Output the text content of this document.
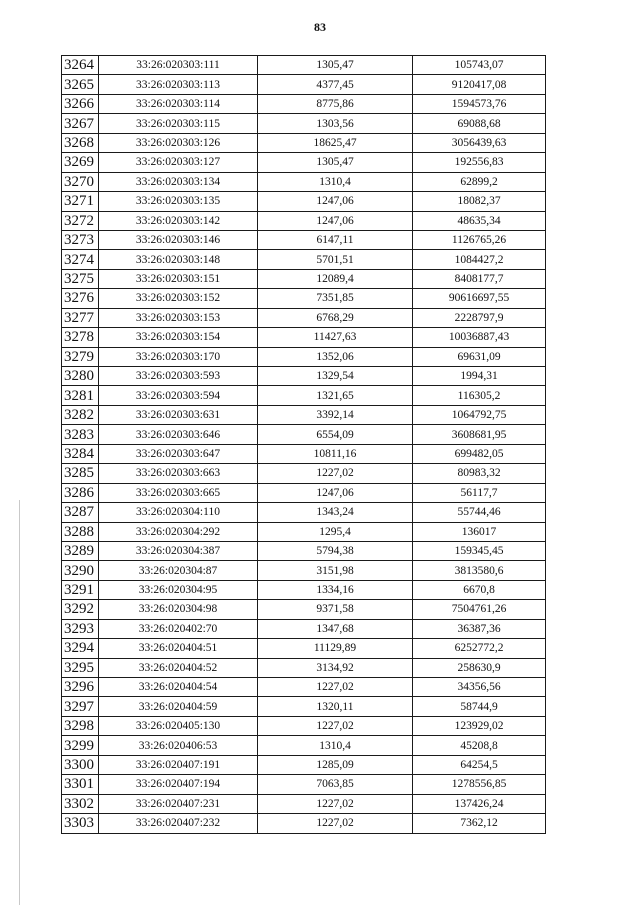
83
3264	33:26:020303:111	1305,47	105743,07
3265	33:26:020303:113	4377,45	9120417,08
3266	33:26:020303:114	8775,86	1594573,76
3267	33:26:020303:115	1303,56	69088,68
3268	33:26:020303:126	18625,47	3056439,63
3269	33:26:020303:127	1305,47	192556,83
3270	33:26:020303:134	1310,4	62899,2
3271	33:26:020303:135	1247,06	18082,37
3272	33:26:020303:142	1247,06	48635,34
3273	33:26:020303:146	6147,11	1126765,26
3274	33:26:020303:148	5701,51	1084427,2
3275	33:26:020303:151	12089,4	8408177,7
3276	33:26:020303:152	7351,85	90616697,55
3277	33:26:020303:153	6768,29	2228797,9
3278	33:26:020303:154	11427,63	10036887,43
3279	33:26:020303:170	1352,06	69631,09
3280	33:26:020303:593	1329,54	1994,31
3281	33:26:020303:594	1321,65	116305,2
3282	33:26:020303:631	3392,14	1064792,75
3283	33:26:020303:646	6554,09	3608681,95
3284	33:26:020303:647	10811,16	699482,05
3285	33:26:020303:663	1227,02	80983,32
3286	33:26:020303:665	1247,06	56117,7
3287	33:26:020304:110	1343,24	55744,46
3288	33:26:020304:292	1295,4	136017
3289	33:26:020304:387	5794,38	159345,45
3290	33:26:020304:87	3151,98	3813580,6
3291	33:26:020304:95	1334,16	6670,8
3292	33:26:020304:98	9371,58	7504761,26
3293	33:26:020402:70	1347,68	36387,36
3294	33:26:020404:51	11129,89	6252772,2
3295	33:26:020404:52	3134,92	258630,9
3296	33:26:020404:54	1227,02	34356,56
3297	33:26:020404:59	1320,11	58744,9
3298	33:26:020405:130	1227,02	123929,02
3299	33:26:020406:53	1310,4	45208,8
3300	33:26:020407:191	1285,09	64254,5
3301	33:26:020407:194	7063,85	1278556,85
3302	33:26:020407:231	1227,02	137426,24
3303	33:26:020407:232	1227,02	7362,12
